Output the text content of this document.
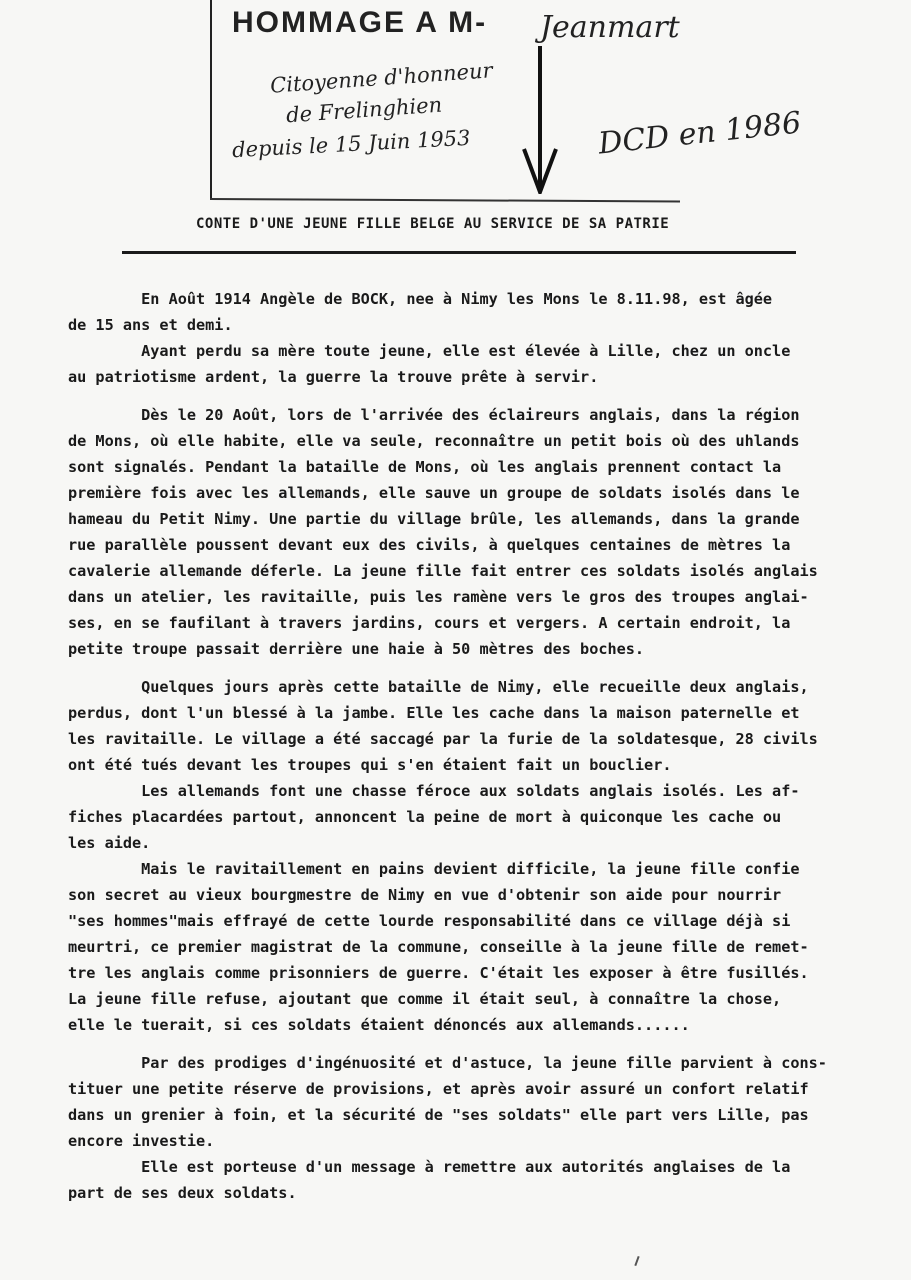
HOMMAGE A M- Jeanmart
Citoyenne d'honneur
de Frelinghien
depuis le 15 Juin 1953	DCD en 1986
CONTE D'UNE JEUNE FILLE BELGE AU SERVICE DE SA PATRIE

En Août 1914 Angèle de BOCK, nee à Nimy les Mons le 8.11.98, est âgée

de 15 ans et demi.

Ayant perdu sa mère toute jeune, elle est élevée à Lille, chez un oncle

au patriotisme ardent, la guerre la trouve prête à servir.

Dès le 20 Août, lors de l'arrivée des éclaireurs anglais, dans la région

de Mons, où elle habite, elle va seule, reconnaître un petit bois où des uhlands

sont signalés. Pendant la bataille de Mons, où les anglais prennent contact la

première fois avec les allemands, elle sauve un groupe de soldats isolés dans le

hameau du Petit Nimy. Une partie du village brûle, les allemands, dans la grande

rue parallèle poussent devant eux des civils, à quelques centaines de mètres la

cavalerie allemande déferle. La jeune fille fait entrer ces soldats isolés anglais

dans un atelier, les ravitaille, puis les ramène vers le gros des troupes anglai-

ses, en se faufilant à travers jardins, cours et vergers. A certain endroit, la

petite troupe passait derrière une haie à 50 mètres des boches.

Quelques jours après cette bataille de Nimy, elle recueille deux anglais,

perdus, dont l'un blessé à la jambe. Elle les cache dans la maison paternelle et

les ravitaille. Le village a été saccagé par la furie de la soldatesque, 28 civils

ont été tués devant les troupes qui s'en étaient fait un bouclier.

Les allemands font une chasse féroce aux soldats anglais isolés. Les af-

fiches placardées partout, annoncent la peine de mort à quiconque les cache ou

les aide.

Mais le ravitaillement en pains devient difficile, la jeune fille confie

son secret au vieux bourgmestre de Nimy en vue d'obtenir son aide pour nourrir

"ses hommes"mais effrayé de cette lourde responsabilité dans ce village déjà si

meurtri, ce premier magistrat de la commune, conseille à la jeune fille de remet-

tre les anglais comme prisonniers de guerre. C'était les exposer à être fusillés.

La jeune fille refuse, ajoutant que comme il était seul, à connaître la chose,

elle le tuerait, si ces soldats étaient dénoncés aux allemands......

Par des prodiges d'ingénuosité et d'astuce, la jeune fille parvient à cons-

tituer une petite réserve de provisions, et après avoir assuré un confort relatif

dans un grenier à foin, et la sécurité de "ses soldats" elle part vers Lille, pas

encore investie.

Elle est porteuse d'un message à remettre aux autorités anglaises de la

part de ses deux soldats.
